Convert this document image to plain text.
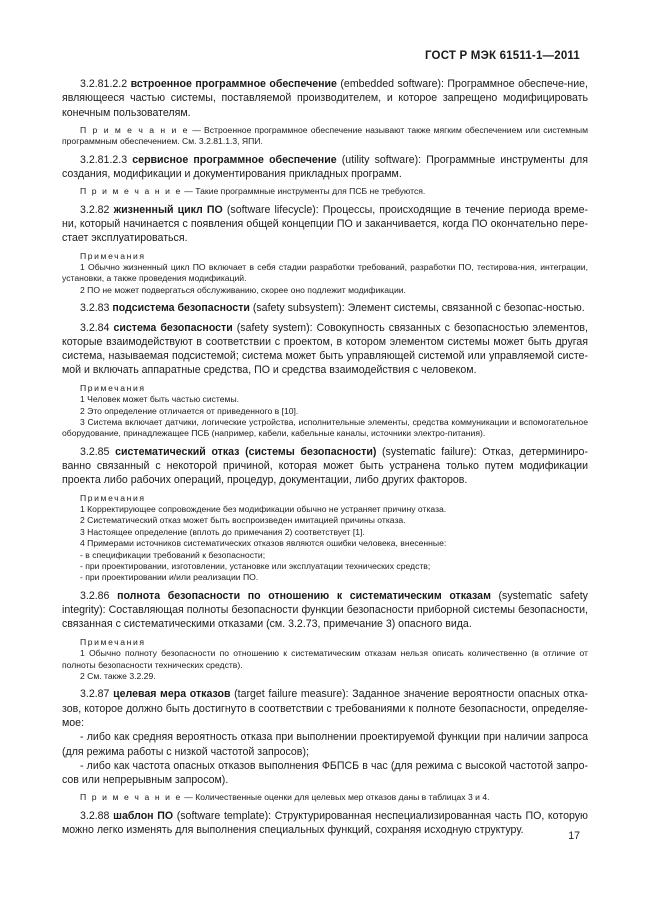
ГОСТ Р МЭК 61511-1—2011

3.2.81.2.2 встроенное программное обеспечение (embedded software): Программное обеспече-ние, являющееся частью системы, поставляемой производителем, и которое запрещено модифицировать конечным пользователям.

П р и м е ч а н и е — Встроенное программное обеспечение называют также мягким обеспечением или системным программным обеспечением. См. 3.2.81.1.3, ЯПИ.

3.2.81.2.3 сервисное программное обеспечение (utility software): Программные инструменты для создания, модификации и документирования прикладных программ.

П р и м е ч а н и е — Такие программные инструменты для ПСБ не требуются.

3.2.82 жизненный цикл ПО (software lifecycle): Процессы, происходящие в течение периода време-ни, который начинается с появления общей концепции ПО и заканчивается, когда ПО окончательно пере-стает эксплуатироваться.

Примечания
1 Обычно жизненный цикл ПО включает в себя стадии разработки требований, разработки ПО, тестирова-ния, интеграции, установки, а также проведения модификаций.
2 ПО не может подвергаться обслуживанию, скорее оно подлежит модификации.

3.2.83 подсистема безопасности (safety subsystem): Элемент системы, связанной с безопас-ностью.

3.2.84 система безопасности (safety system): Совокупность связанных с безопасностью элементов, которые взаимодействуют в соответствии с проектом, в котором элементом системы может быть другая система, называемая подсистемой; система может быть управляющей системой или управляемой систе-мой и включать аппаратные средства, ПО и средства взаимодействия с человеком.

Примечания
1 Человек может быть частью системы.
2 Это определение отличается от приведенного в [10].
3 Система включает датчики, логические устройства, исполнительные элементы, средства коммуникации и вспомогательное оборудование, принадлежащее ПСБ (например, кабели, кабельные каналы, источники электро-питания).

3.2.85 систематический отказ (системы безопасности) (systematic failure): Отказ, детерминиро-ванно связанный с некоторой причиной, которая может быть устранена только путем модификации проекта либо рабочих операций, процедур, документации, либо других факторов.

Примечания
1 Корректирующее сопровождение без модификации обычно не устраняет причину отказа.
2 Систематический отказ может быть воспроизведен имитацией причины отказа.
3 Настоящее определение (вплоть до примечания 2) соответствует [1].
4 Примерами источников систематических отказов являются ошибки человека, внесенные:
- в спецификации требований к безопасности;
- при проектировании, изготовлении, установке или эксплуатации технических средств;
- при проектировании и/или реализации ПО.

3.2.86 полнота безопасности по отношению к систематическим отказам (systematic safety integrity): Составляющая полноты безопасности функции безопасности приборной системы безопасности, связанная с систематическими отказами (см. 3.2.73, примечание 3) опасного вида.

Примечания
1 Обычно полноту безопасности по отношению к систематическим отказам нельзя описать количественно (в отличие от полноты безопасности технических средств).
2 См. также 3.2.29.

3.2.87 целевая мера отказов (target failure measure): Заданное значение вероятности опасных отка-зов, которое должно быть достигнуто в соответствии с требованиями к полноте безопасности, определяе-мое:

- либо как средняя вероятность отказа при выполнении проектируемой функции при наличии запроса (для режима работы с низкой частотой запросов);

- либо как частота опасных отказов выполнения ФБПСБ в час (для режима с высокой частотой запро-сов или непрерывным запросом).

П р и м е ч а н и е — Количественные оценки для целевых мер отказов даны в таблицах 3 и 4.

3.2.88 шаблон ПО (software template): Структурированная неспециализированная часть ПО, которую можно легко изменять для выполнения специальных функций, сохраняя исходную структуру.	17
